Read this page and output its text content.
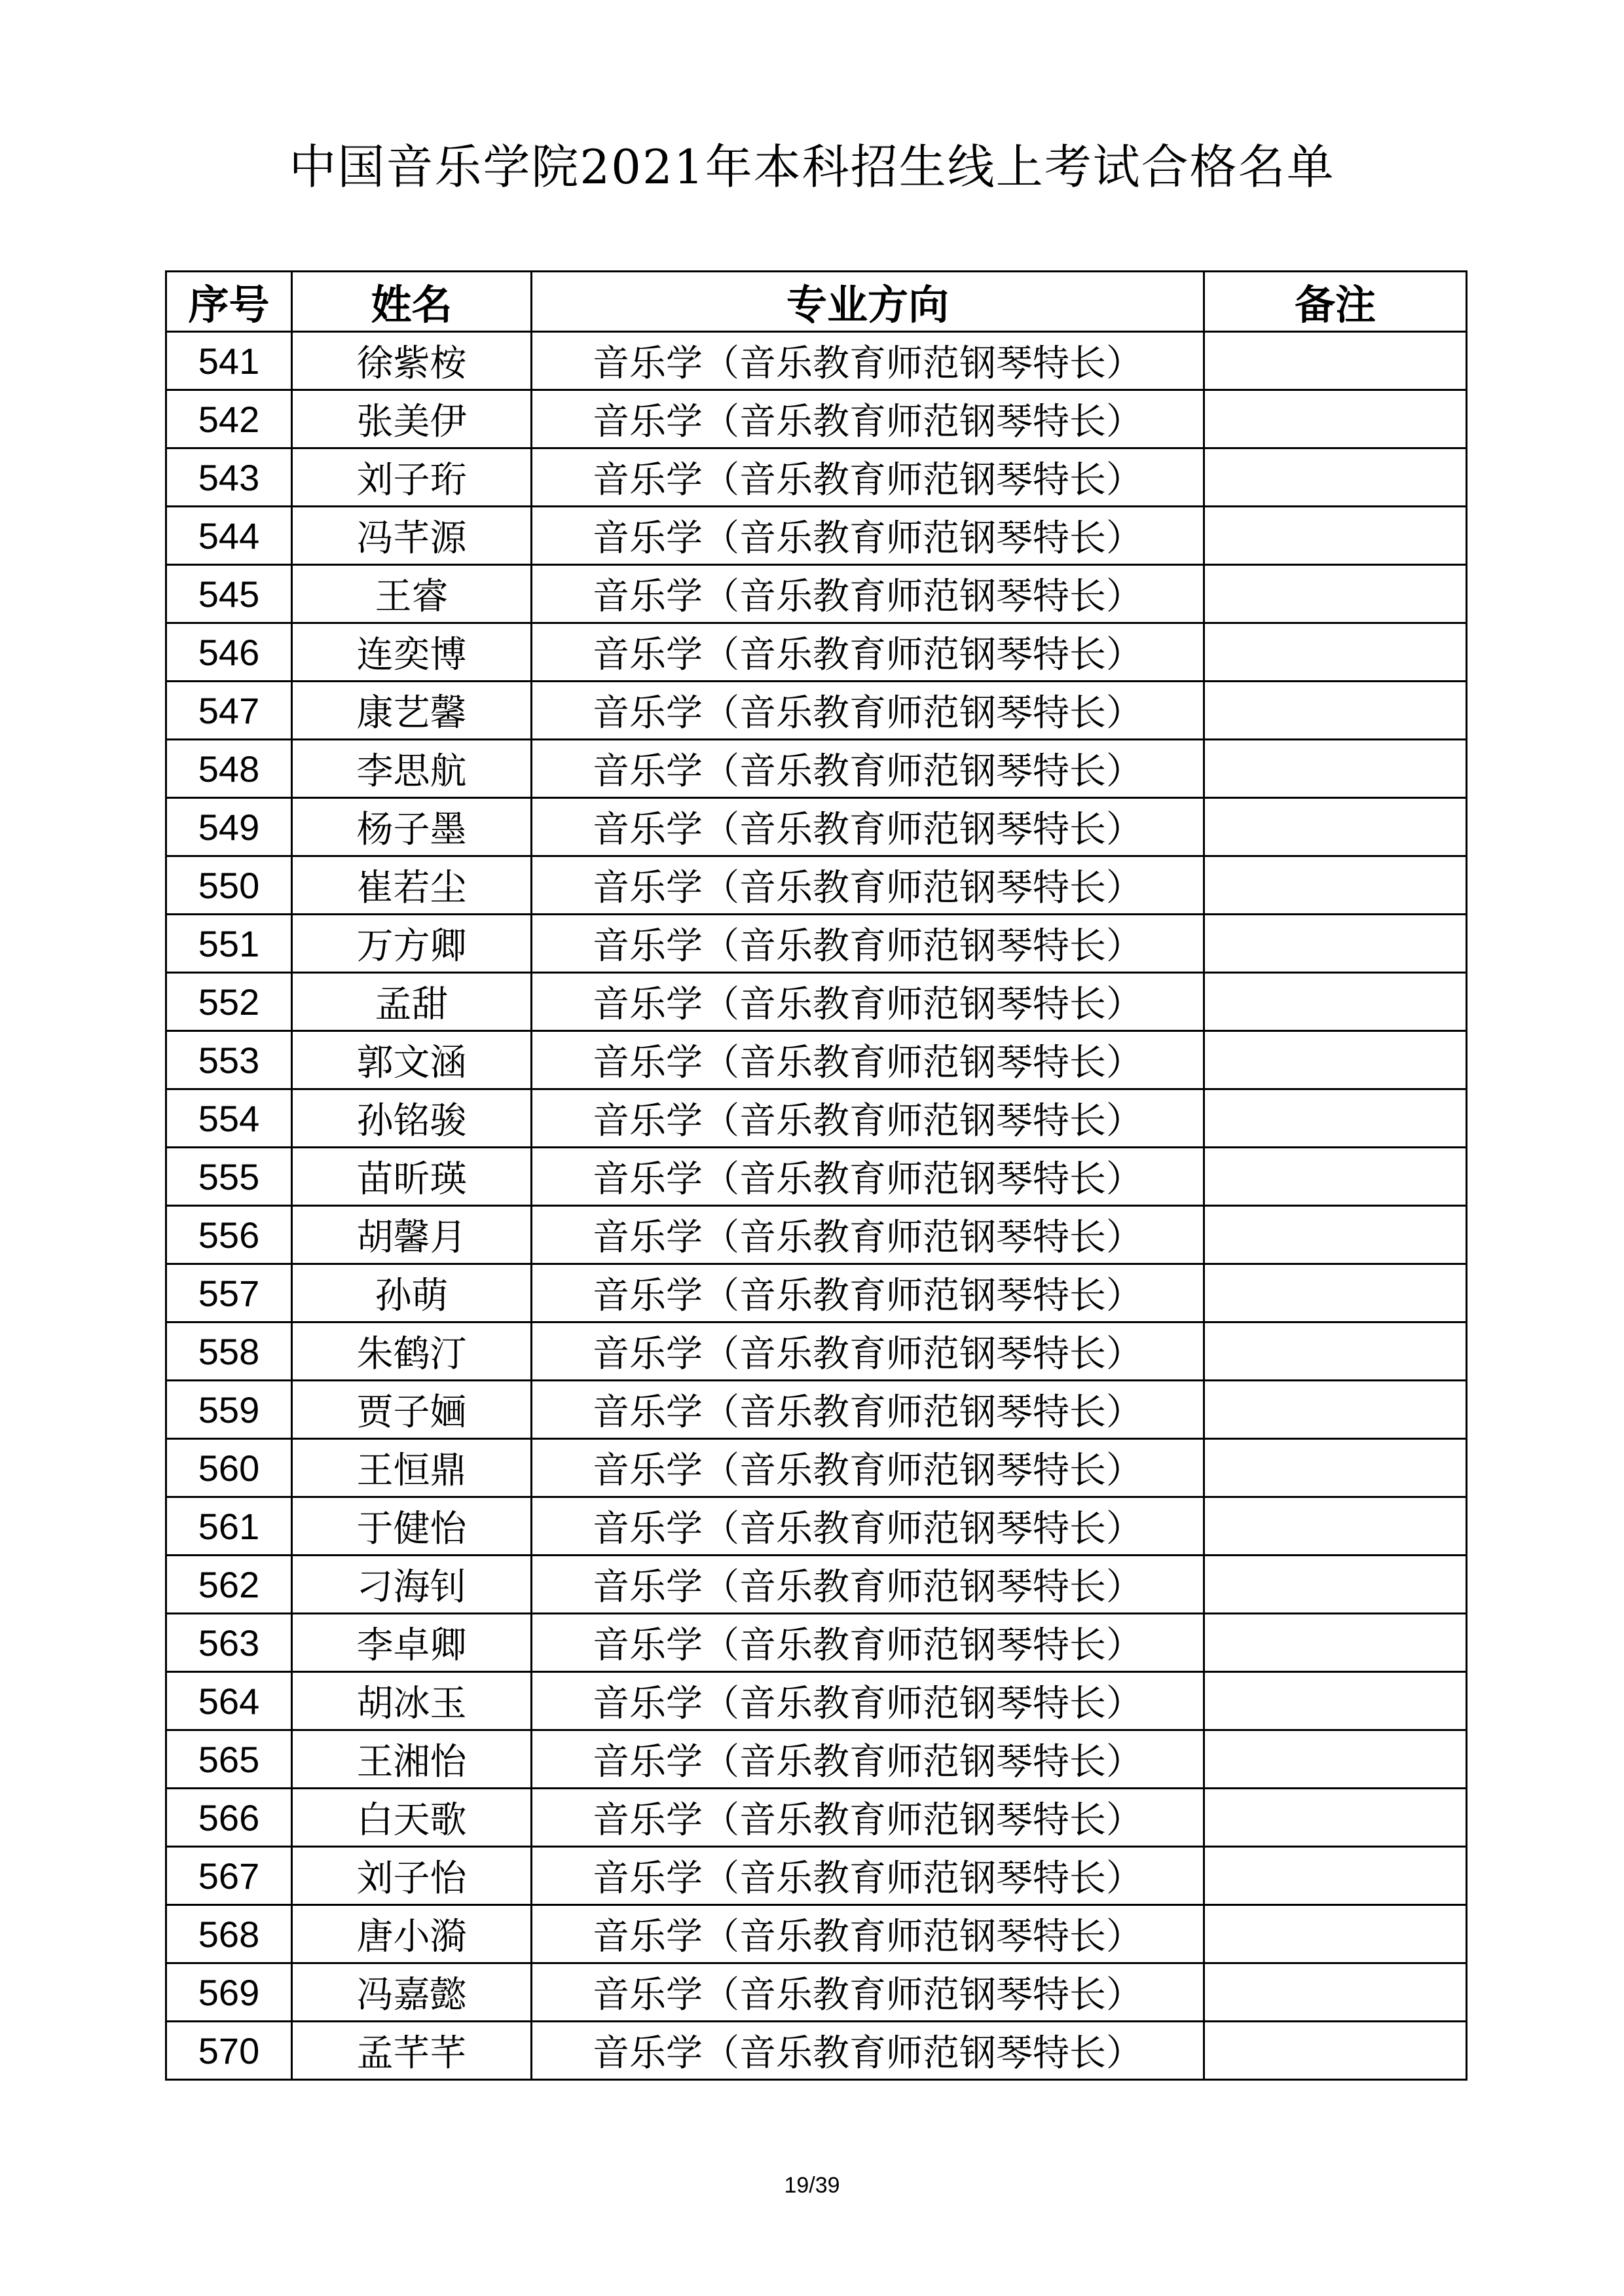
中国音乐学院2021年本科招生线上考试合格名单
序号	姓名	专业方向	备注
541	徐紫桉	音乐学（音乐教育师范钢琴特长）	
542	张美伊	音乐学（音乐教育师范钢琴特长）	
543	刘子珩	音乐学（音乐教育师范钢琴特长）	
544	冯芊源	音乐学（音乐教育师范钢琴特长）	
545	王睿	音乐学（音乐教育师范钢琴特长）	
546	连奕博	音乐学（音乐教育师范钢琴特长）	
547	康艺馨	音乐学（音乐教育师范钢琴特长）	
548	李思航	音乐学（音乐教育师范钢琴特长）	
549	杨子墨	音乐学（音乐教育师范钢琴特长）	
550	崔若尘	音乐学（音乐教育师范钢琴特长）	
551	万方卿	音乐学（音乐教育师范钢琴特长）	
552	孟甜	音乐学（音乐教育师范钢琴特长）	
553	郭文涵	音乐学（音乐教育师范钢琴特长）	
554	孙铭骏	音乐学（音乐教育师范钢琴特长）	
555	苗昕瑛	音乐学（音乐教育师范钢琴特长）	
556	胡馨月	音乐学（音乐教育师范钢琴特长）	
557	孙萌	音乐学（音乐教育师范钢琴特长）	
558	朱鹤汀	音乐学（音乐教育师范钢琴特长）	
559	贾子婳	音乐学（音乐教育师范钢琴特长）	
560	王恒鼎	音乐学（音乐教育师范钢琴特长）	
561	于健怡	音乐学（音乐教育师范钢琴特长）	
562	刁海钊	音乐学（音乐教育师范钢琴特长）	
563	李卓卿	音乐学（音乐教育师范钢琴特长）	
564	胡冰玉	音乐学（音乐教育师范钢琴特长）	
565	王湘怡	音乐学（音乐教育师范钢琴特长）	
566	白天歌	音乐学（音乐教育师范钢琴特长）	
567	刘子怡	音乐学（音乐教育师范钢琴特长）	
568	唐小漪	音乐学（音乐教育师范钢琴特长）	
569	冯嘉懿	音乐学（音乐教育师范钢琴特长）	
570	孟芊芊	音乐学（音乐教育师范钢琴特长）	
19/39
